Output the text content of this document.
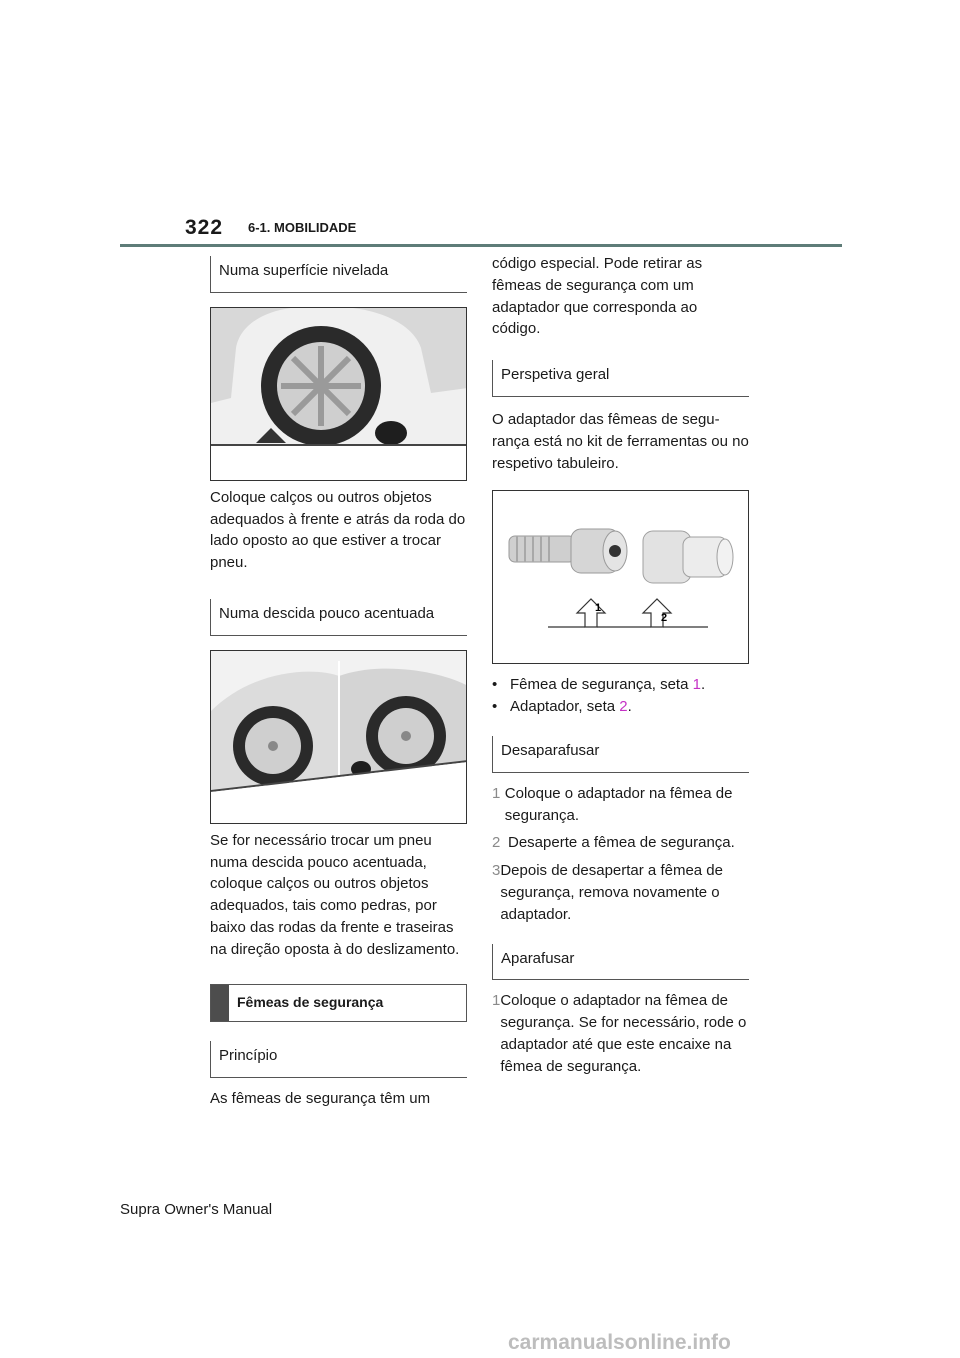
322 6-1. MOBILIDADE
Numa superfície nivelada

Coloque calços ou outros objetos adequados à frente e atrás da roda do lado oposto ao que estiver a trocar pneu.

Numa descida pouco acentuada

Se for necessário trocar um pneu numa descida pouco acentuada, coloque calços ou outros objetos adequados, tais como pedras, por baixo das rodas da frente e traseiras na direção oposta à do deslizamento.

Fêmeas de segurança
Princípio

As fêmeas de segurança têm um

código especial. Pode retirar as fêmeas de segurança com um adaptador que corresponda ao código.

Perspetiva geral

O adaptador das fêmeas de segurança está no kit de ferramentas ou no respetivo tabuleiro.

1
2
• Fêmea de segurança, seta 1.
• Adaptador, seta 2.
Desaparafusar
1 Coloque o adaptador na fêmea de segurança.
2 Desaperte a fêmea de segurança.
3 Depois de desapertar a fêmea de segurança, remova novamente o adaptador.
Aparafusar
1 Coloque o adaptador na fêmea de segurança. Se for necessário, rode o adaptador até que este encaixe na fêmea de segurança.
Supra Owner's Manual
carmanualsonline.info
